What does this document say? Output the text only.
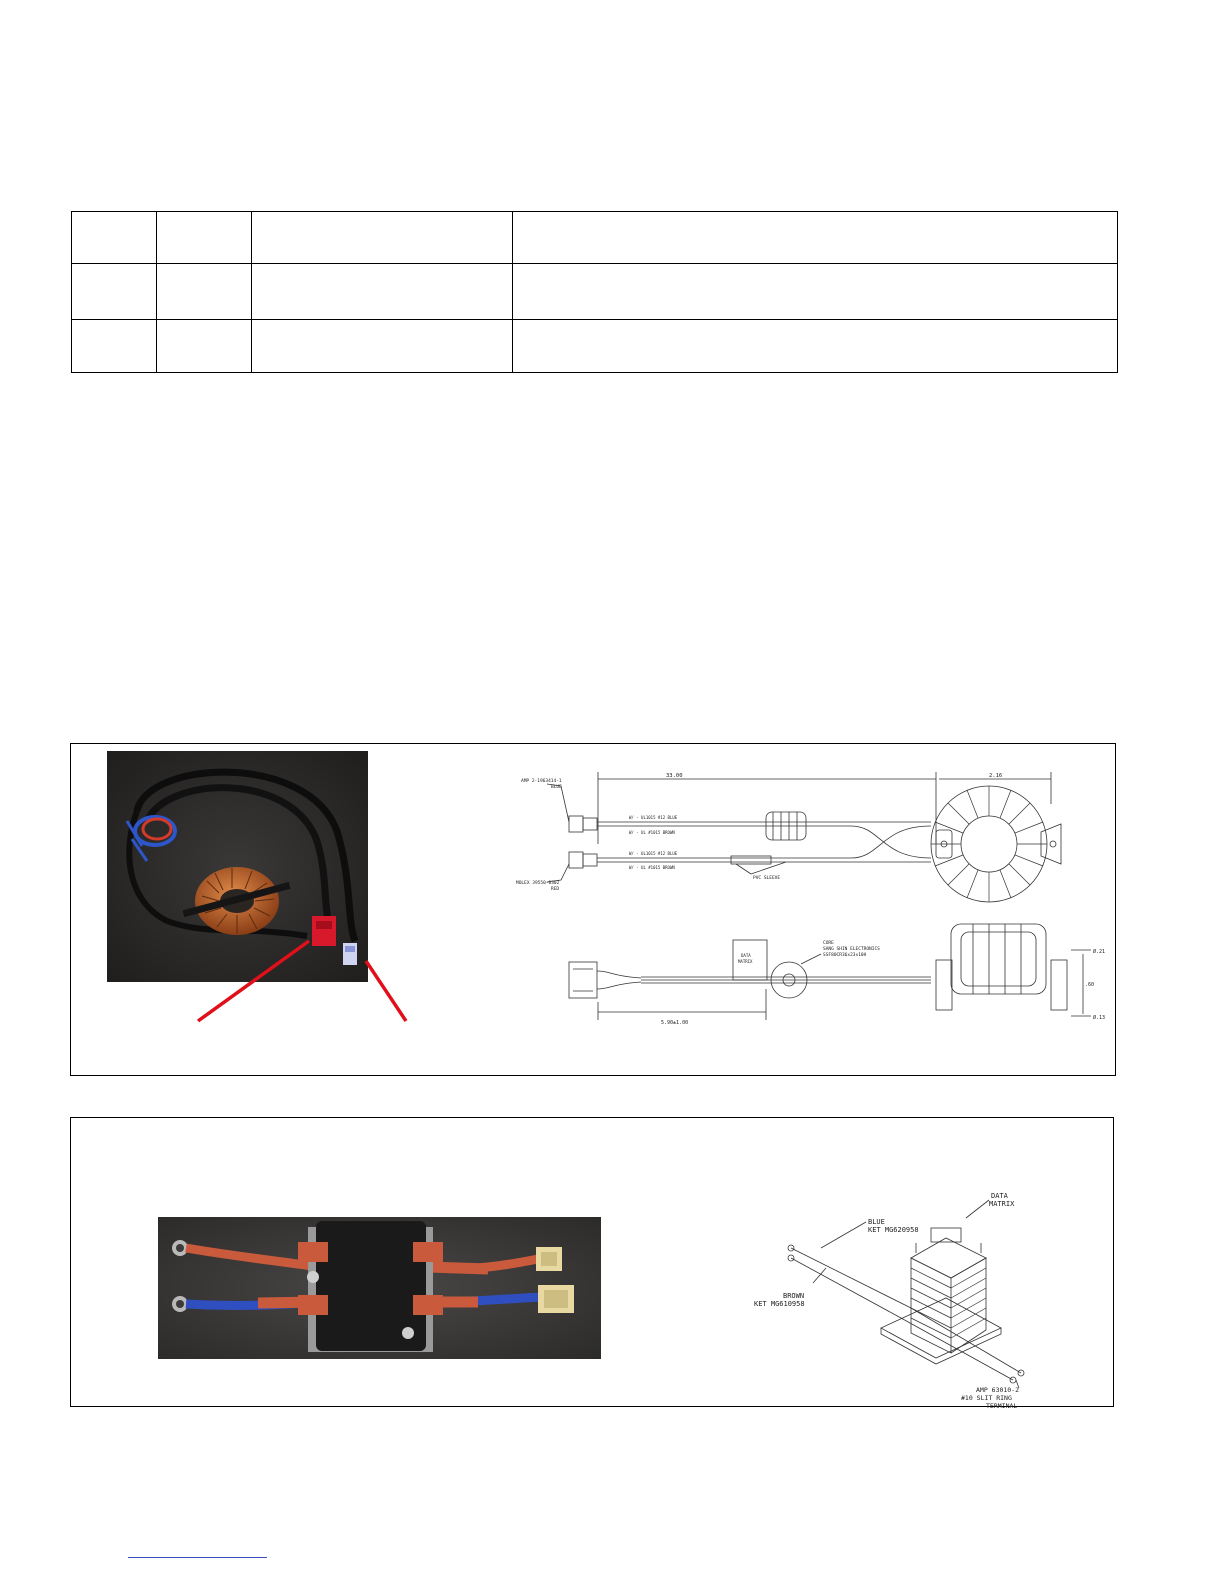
33.00	2.16
AMP 2-1963414-1
BLUE
MOLEX 39550-0302
RED
W/ - UL1015 #12 BLUE
W/ - UL #1015 BROWN
W/ - UL1015 #12 BLUE
W/ - UL #1015 BROWN
PVC SLEEVE
CORE
SANG SHIN ELECTRONICS
SSF80CR36x23x10H
DATA
MATRIX
5.90±1.00
Ø.21
.60
Ø.13
DATA
MATRIX
BLUE
KET MG620958
BROWN
KET MG610958
AMP 63010-2
#10 SLIT RING
TERMINAL
